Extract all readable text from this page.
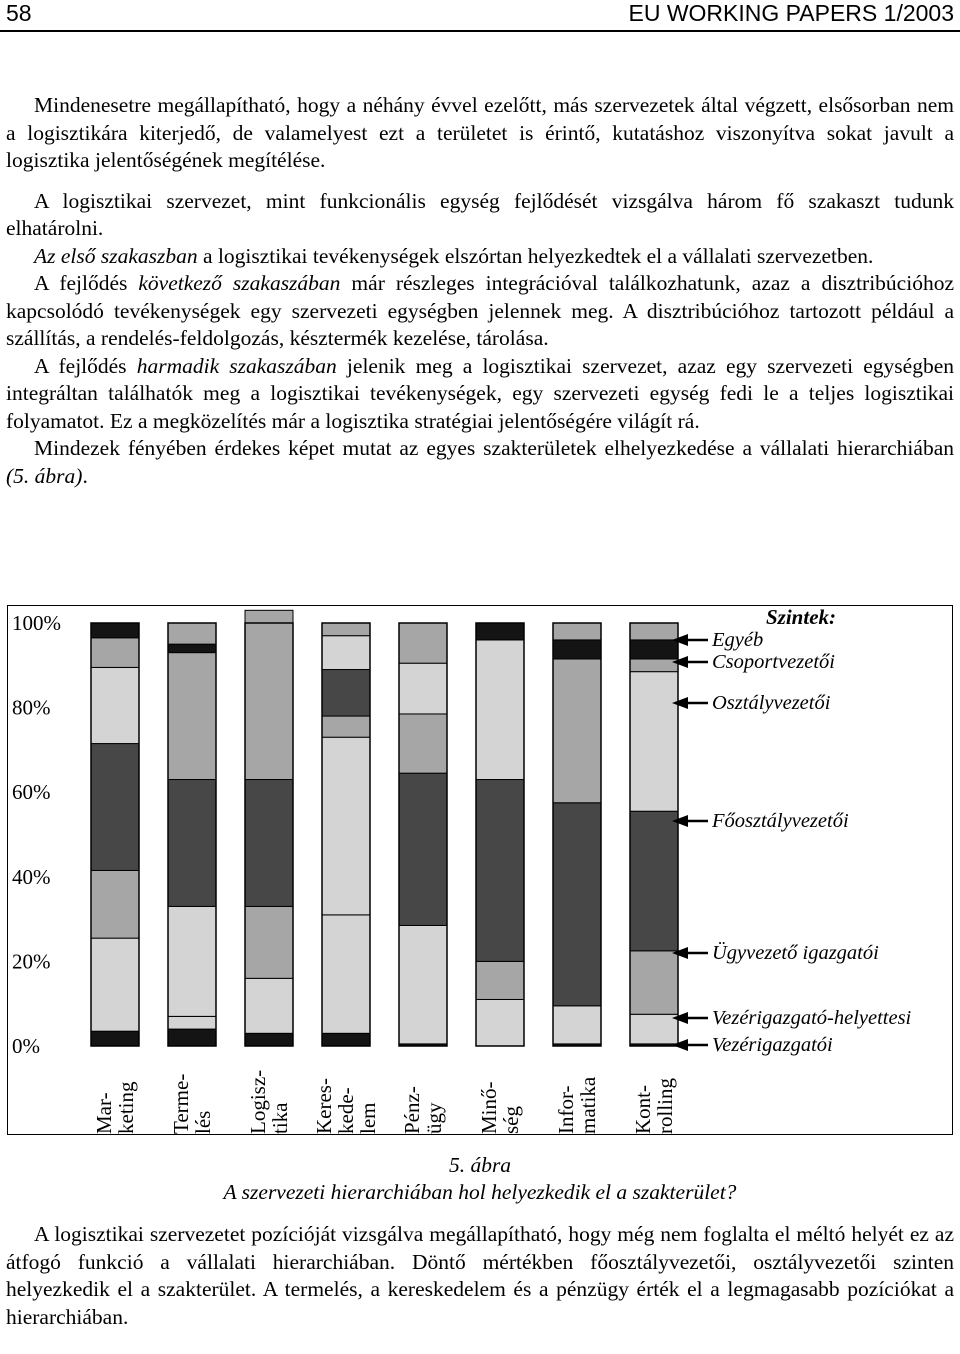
58	EU WORKING PAPERS 1/2003

Mindenesetre megállapítható, hogy a néhány évvel ezelőtt, más szervezetek által végzett, elsősorban nem a logisztikára kiterjedő, de valamelyest ezt a területet is érintő, kutatáshoz viszonyítva sokat javult a logisztika jelentőségének megítélése.

A logisztikai szervezet, mint funkcionális egység fejlődését vizsgálva három fő szakaszt tudunk elhatárolni.

Az első szakaszban a logisztikai tevékenységek elszórtan helyezkedtek el a vállalati szervezetben.

A fejlődés következő szakaszában már részleges integrációval találkozhatunk, azaz a disztribúcióhoz kapcsolódó tevékenységek egy szervezeti egységben jelennek meg. A disztribúcióhoz tartozott például a szállítás, a rendelés-feldolgozás, késztermék kezelése, tárolása.

A fejlődés harmadik szakaszában jelenik meg a logisztikai szervezet, azaz egy szervezeti egységben integráltan találhatók meg a logisztikai tevékenységek, egy szervezeti egység fedi le a teljes logisztikai folyamatot. Ez a megközelítés már a logisztika stratégiai jelentőségére világít rá.

Mindezek fényében érdekes képet mutat az egyes szakterületek elhelyezkedése a vállalati hierarchiában (5. ábra).

0%
20%
40%
60%
80%
100%
Mar-
keting Terme-
lés Logisz-
tika Keres-
kede-
lem Pénz-
ügy Minő-
ség Infor-
matika Kont-
rolling
Szintek:
Egyéb
Csoportvezetői
Osztályvezetői
Főosztályvezetői
Ügyvezető igazgatói
Vezérigazgató-helyettesi
Vezérigazgatói
5. ábra
A szervezeti hierarchiában hol helyezkedik el a szakterület?

A logisztikai szervezetet pozícióját vizsgálva megállapítható, hogy még nem foglalta el méltó helyét ez az átfogó funkció a vállalati hierarchiában. Döntő mértékben főosztályvezetői, osztályvezetői szinten helyezkedik el a szakterület. A termelés, a kereskedelem és a pénzügy érték el a legmagasabb pozíciókat a hierarchiában.
